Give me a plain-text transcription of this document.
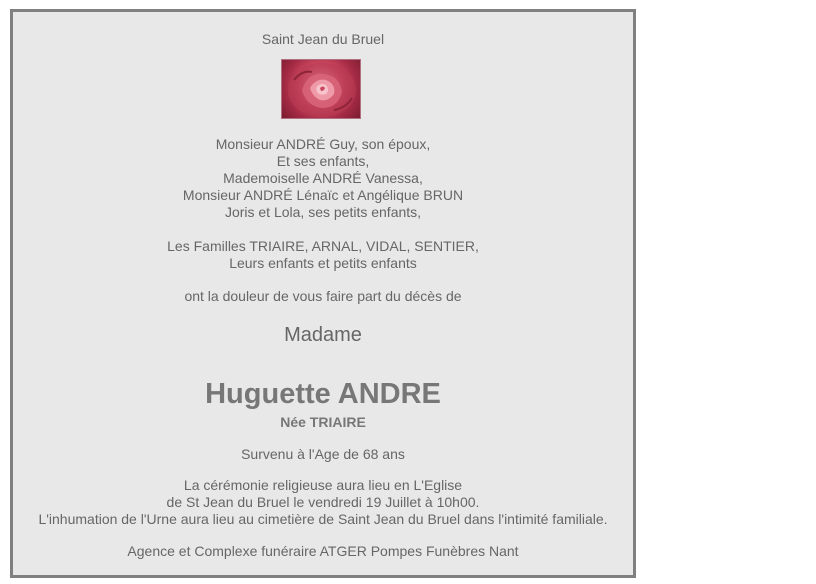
Saint Jean du Bruel
Monsieur ANDRÉ Guy, son époux,
Et ses enfants,
Mademoiselle ANDRÉ Vanessa,
Monsieur ANDRÉ Lénaïc et Angélique BRUN
Joris et Lola, ses petits enfants,
Les Familles TRIAIRE, ARNAL, VIDAL, SENTIER,
Leurs enfants et petits enfants
ont la douleur de vous faire part du décès de
Madame
Huguette ANDRE
Née TRIAIRE
Survenu à l'Age de 68 ans
La cérémonie religieuse aura lieu en L'Eglise
de St Jean du Bruel le vendredi 19 Juillet à 10h00.
L'inhumation de l'Urne aura lieu au cimetière de Saint Jean du Bruel dans l'intimité familiale.
Agence et Complexe funéraire ATGER Pompes Funèbres Nant
